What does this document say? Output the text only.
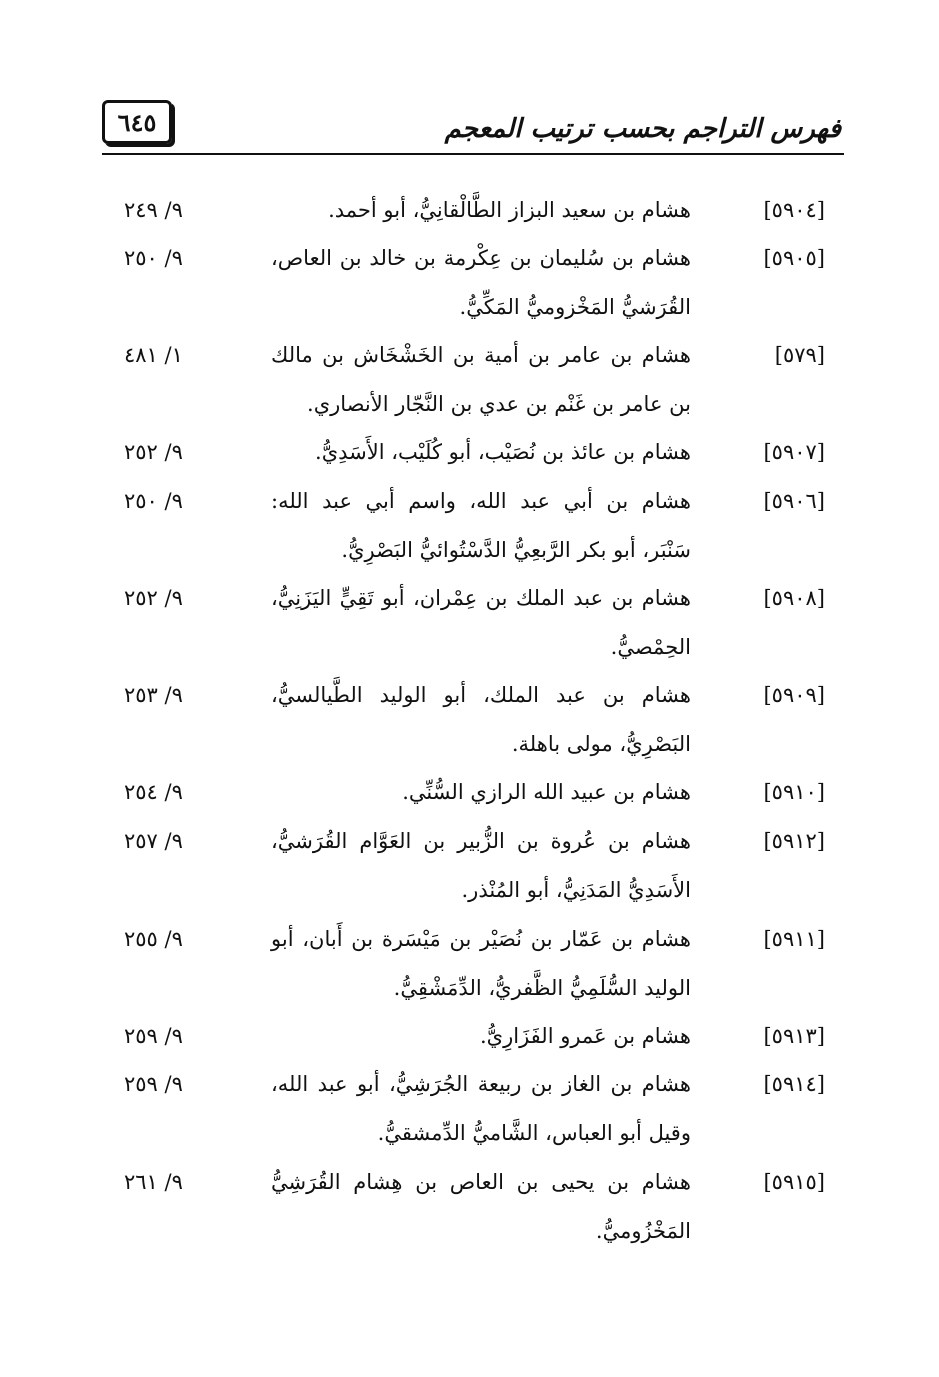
فهرس التراجم بحسب ترتيب المعجم
٦٤٥
[٥٩٠٤]
هشام بن سعيد البزاز الطَّالْقانِيُّ، أبو أحمد.
٩/ ٢٤٩
[٥٩٠٥]
هشام بن سُليمان بن عِكْرمة بن خالد بن العاص، القُرَشيُّ المَخْزوميُّ المَكِّيُّ.
٩/ ٢٥٠
[٥٧٩]
هشام بن عامر بن أمية بن الخَشْخَاش بن مالك بن عامر بن غَنْم بن عدي بن النَّجّار الأنصاري.
١/ ٤٨١
[٥٩٠٧]
هشام بن عائذ بن نُصَيْب، أبو كُلَيْب، الأَسَدِيُّ.
٩/ ٢٥٢
[٥٩٠٦]
هشام بن أبي عبد الله، واسم أبي عبد الله: سَنْبَر، أبو بكر الرَّبعِيُّ الدَّسْتُوائيُّ البَصْرِيُّ.
٩/ ٢٥٠
[٥٩٠٨]
هشام بن عبد الملك بن عِمْران، أبو تَقِيٍّ اليَزَنِيُّ، الحِمْصيُّ.
٩/ ٢٥٢
[٥٩٠٩]
هشام بن عبد الملك، أبو الوليد الطَّيالسيُّ، البَصْرِيُّ، مولى باهلة.
٩/ ٢٥٣
[٥٩١٠]
هشام بن عبيد الله الرازي السُّنِّي.
٩/ ٢٥٤
[٥٩١٢]
هشام بن عُروة بن الزُّبير بن العَوَّام القُرَشيُّ، الأَسَدِيُّ المَدَنِيُّ، أبو المُنْذر.
٩/ ٢٥٧
[٥٩١١]
هشام بن عَمّار بن نُصَيْر بن مَيْسَرة بن أَبان، أبو الوليد السُّلَمِيُّ الظَّفريُّ، الدِّمَشْقِيُّ.
٩/ ٢٥٥
[٥٩١٣]
هشام بن عَمرو الفَزَارِيُّ.
٩/ ٢٥٩
[٥٩١٤]
هشام بن الغاز بن ربيعة الجُرَشِيُّ، أبو عبد الله، وقيل أبو العباس، الشَّاميُّ الدِّمشقيُّ.
٩/ ٢٥٩
[٥٩١٥]
هشام بن يحيى بن العاص بن هِشام القُرَشِيُّ المَخْزُوميُّ.
٩/ ٢٦١
